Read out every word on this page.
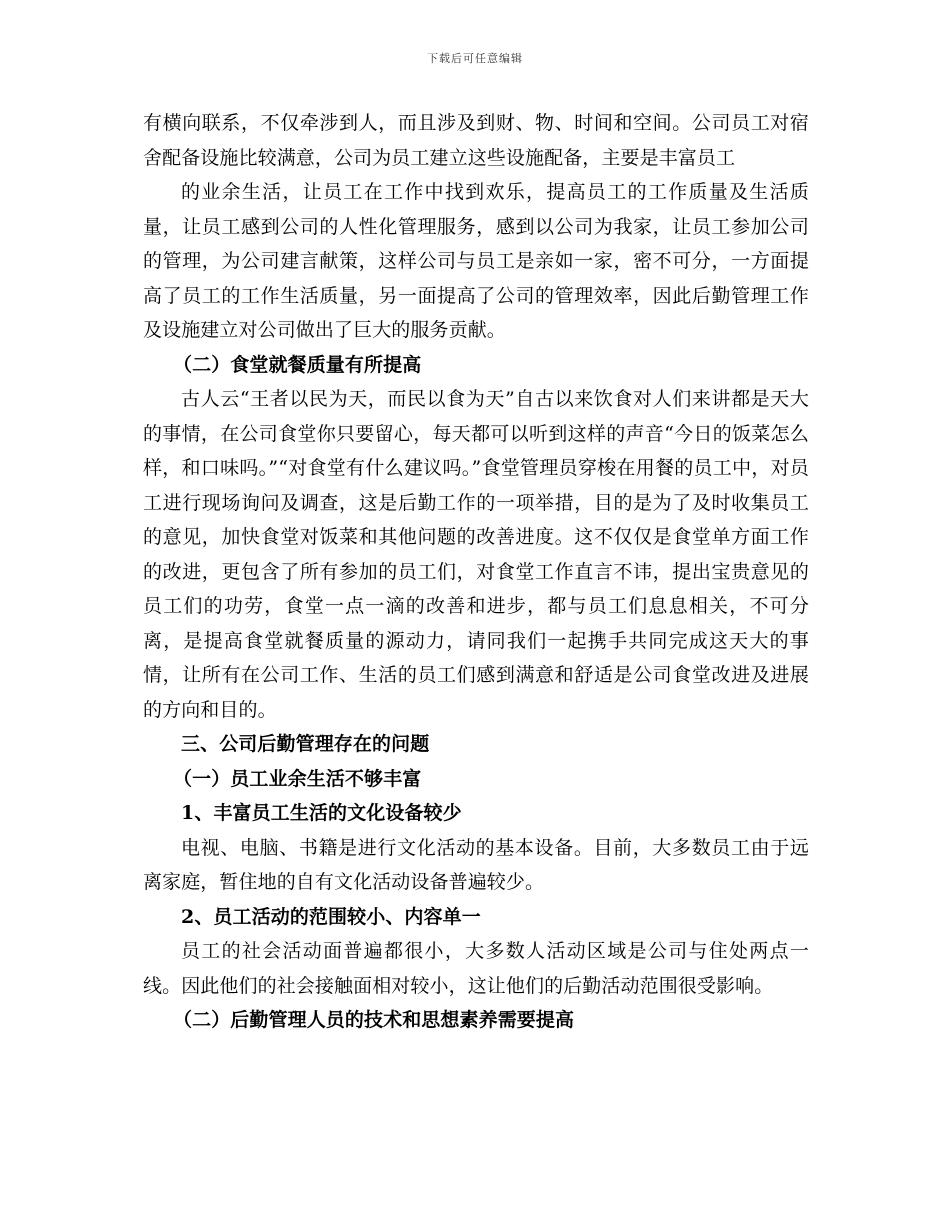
下载后可任意编辑

有横向联系，不仅牵涉到人，而且涉及到财、物、时间和空间。公司员工对宿舍配备设施比较满意，公司为员工建立这些设施配备，主要是丰富员工

的业余生活，让员工在工作中找到欢乐，提高员工的工作质量及生活质量，让员工感到公司的人性化管理服务，感到以公司为我家，让员工参加公司的管理，为公司建言献策，这样公司与员工是亲如一家，密不可分，一方面提高了员工的工作生活质量，另一面提高了公司的管理效率，因此后勤管理工作及设施建立对公司做出了巨大的服务贡献。

（二）食堂就餐质量有所提高

古人云“王者以民为天，而民以食为天”自古以来饮食对人们来讲都是天大的事情，在公司食堂你只要留心，每天都可以听到这样的声音“今日的饭菜怎么样，和口味吗。”“对食堂有什么建议吗。”食堂管理员穿梭在用餐的员工中，对员工进行现场询问及调查，这是后勤工作的一项举措，目的是为了及时收集员工的意见，加快食堂对饭菜和其他问题的改善进度。这不仅仅是食堂单方面工作的改进，更包含了所有参加的员工们，对食堂工作直言不讳，提出宝贵意见的员工们的功劳，食堂一点一滴的改善和进步，都与员工们息息相关，不可分离，是提高食堂就餐质量的源动力，请同我们一起携手共同完成这天大的事情，让所有在公司工作、生活的员工们感到满意和舒适是公司食堂改进及进展的方向和目的。

三、公司后勤管理存在的问题

（一）员工业余生活不够丰富

1、丰富员工生活的文化设备较少

电视、电脑、书籍是进行文化活动的基本设备。目前，大多数员工由于远离家庭，暂住地的自有文化活动设备普遍较少。

2、员工活动的范围较小、内容单一

员工的社会活动面普遍都很小，大多数人活动区域是公司与住处两点一线。因此他们的社会接触面相对较小，这让他们的后勤活动范围很受影响。

（二）后勤管理人员的技术和思想素养需要提高
